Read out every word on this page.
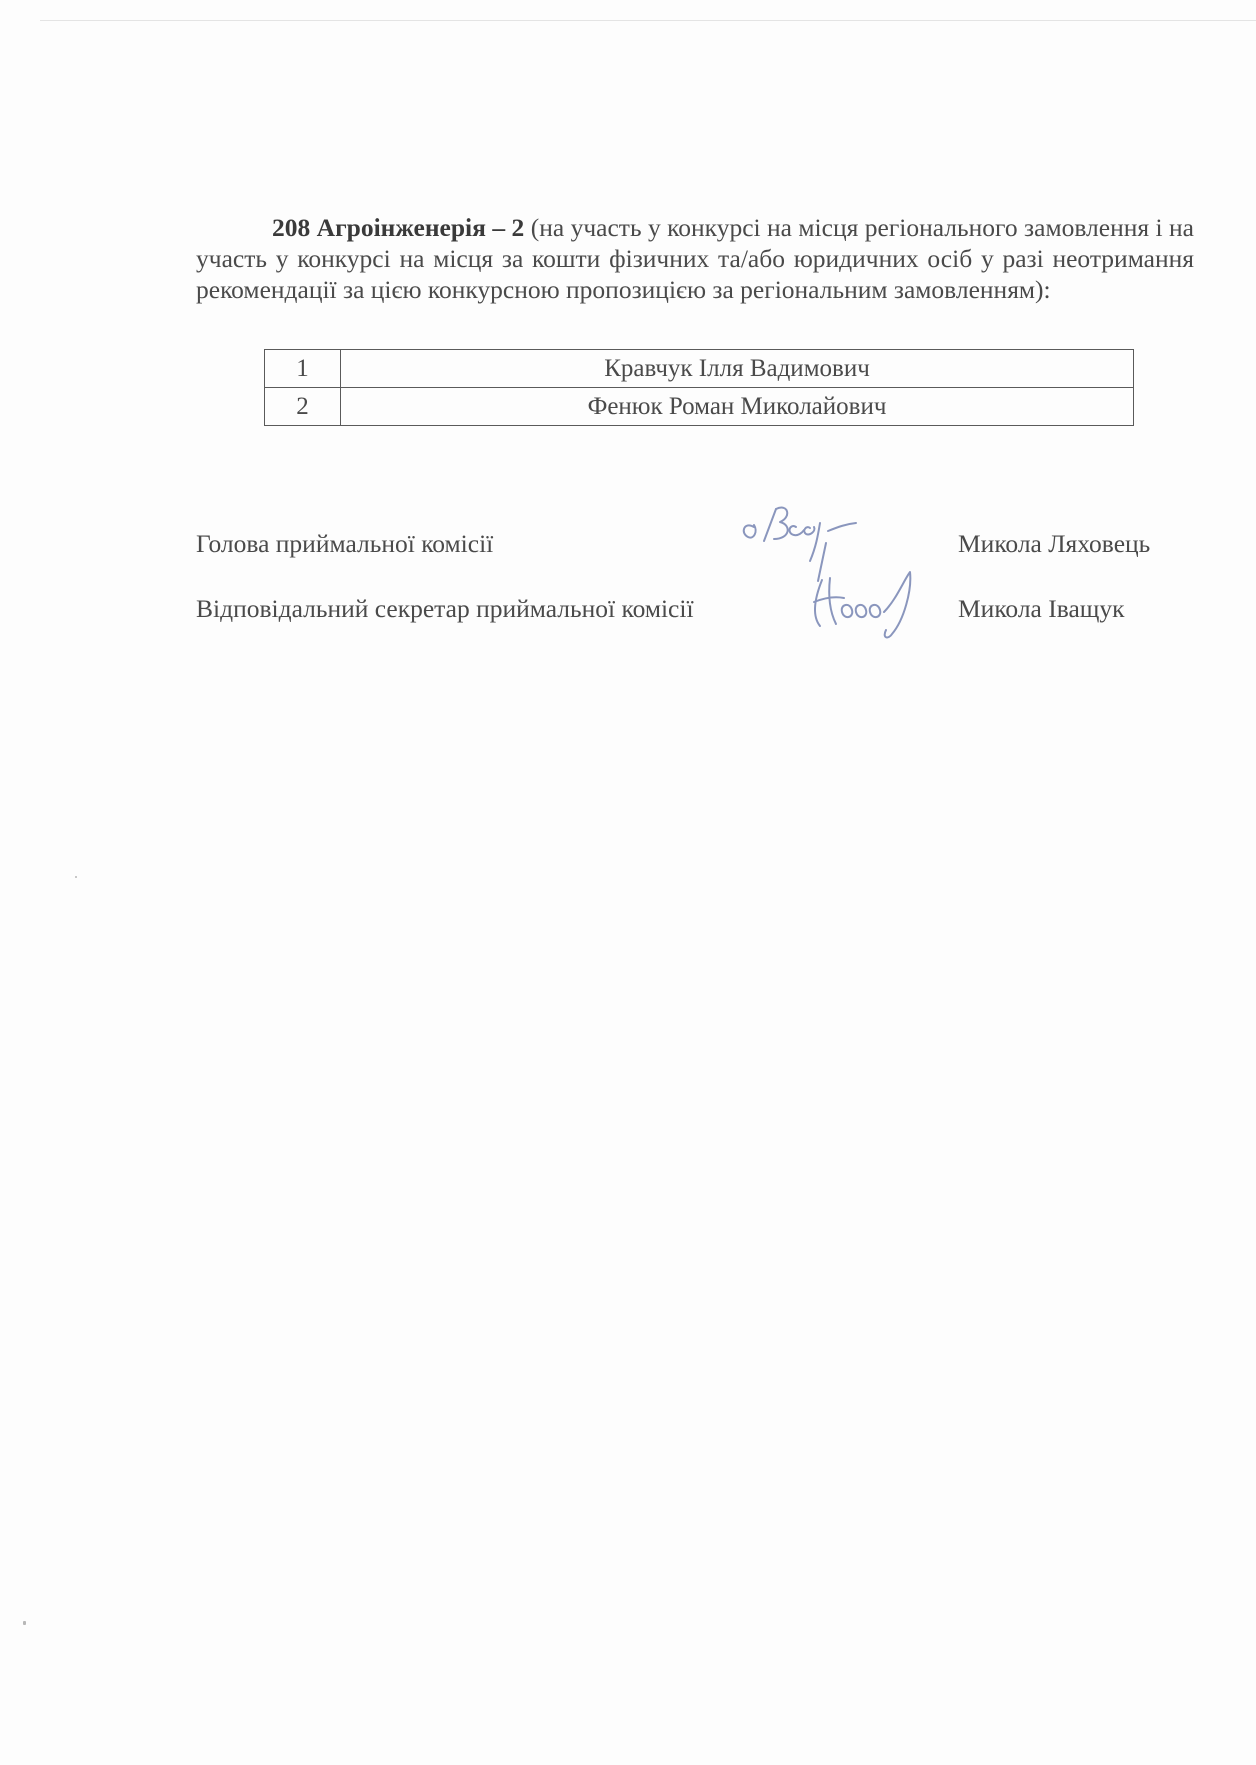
208 Агроінженерія – 2 (на участь у конкурсі на місця регіонального замовлення і на участь у конкурсі на місця за кошти фізичних та/або юридичних осіб у разі неотримання рекомендації за цією конкурсною пропозицією за регіональним замовленням):

1	Кравчук Ілля Вадимович
2	Фенюк Роман Миколайович
Голова приймальної комісії	Микола Ляховець
Відповідальний секретар приймальної комісії	Микола Іващук
